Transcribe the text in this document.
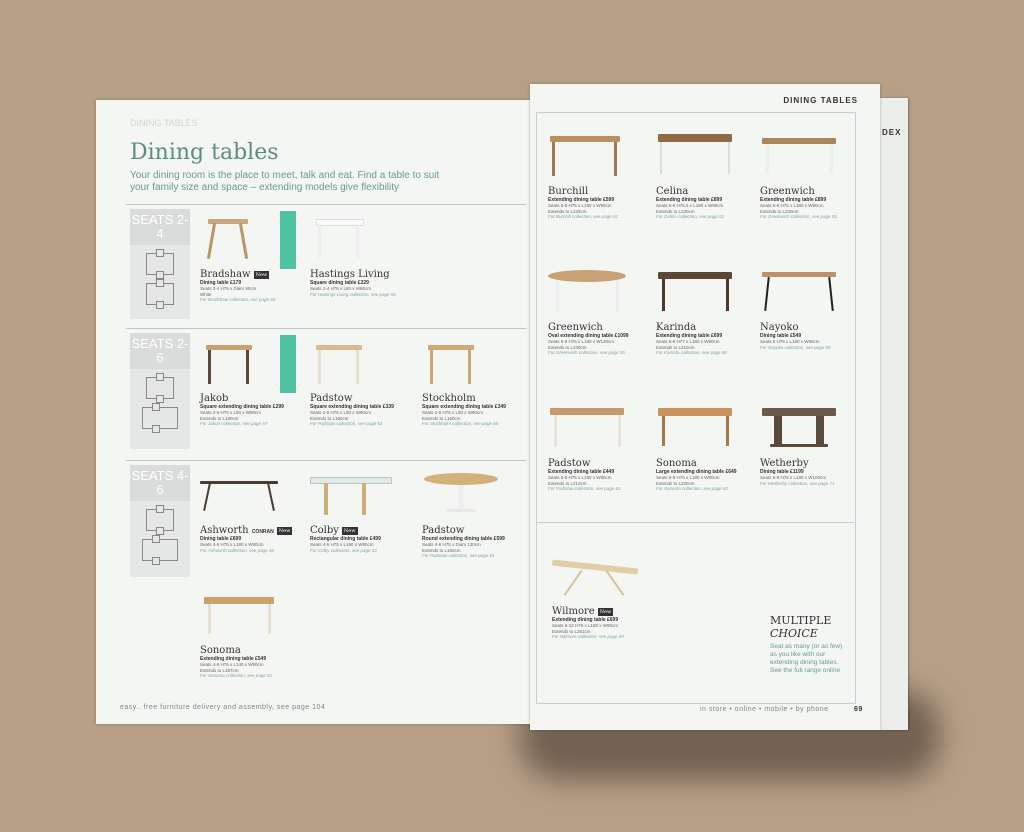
DINING TABLES
Dining tables
Your dining room is the place to meet, talk and eat. Find a table to suit your family size and space – extending models give flexibility
SEATS 2-4
Bradshaw New
Dining table £179
Seats 2-4 H76 x Diam 90cm
White
For Bradshaw collection, see page 50
Hastings Living
Square dining table £229
Seats 2-4 H76 x L80 x W80cm
For Hastings Living collection, see page 56
SEATS 2-6
Jakob
Square extending dining table £299
Seats 2-6 H76 x L90 x W90cm
Extends to L180cm
For Jakob collection, see page 57
Padstow
Square extending dining table £339
Seats 2-6 H75 x L90 x W90cm
Extends to L160cm
For Padstow collection, see page 61
Stockholm
Square extending dining table £349
Seats 2-6 H75 x L90 x W90cm
Extends to L160cm
For Stockholm collection, see page 65
SEATS 4-6
Ashworth CONRAN New
Dining table £699
Seats 4-6 H75 x L180 x W90cm
For Ashworth collection, see page 36
Colby New
Rectangular dining table £499
Seats 4-6 H75 x L190 x W90cm
For Colby collection, see page 53
Padstow
Round extending dining table £599
Seats 4-6 H75 x Diam 130cm
Extends to L160cm
For Padstow collection, see page 61
Sonoma
Extending dining table £549
Seats 4-6 H75 x L140 x W90cm
Extends to L187cm
For Sonoma collection, see page 62
easy.. free furniture delivery and assembly, see page 104
DEX
DINING TABLES
Burchill
Extending dining table £599
Seats 6-8 H75 x L160 x W90cm
Extends to L233cm
For Burchill collection, see page 51
Celina
Extending dining table £899
Seats 6-8 H76.5 x L180 x W90cm
Extends to L230cm
For Celina collection, see page 52
Greenwich
Extending dining table £899
Seats 6-8 H76 x L180 x W90cm
Extends to L230cm
For Greenwich collection, see page 55
Greenwich
Oval extending dining table £1099
Seats 6-8 H76 x L180 x W120cm
Extends to L230cm
For Greenwich collection, see page 55
Karinda
Extending dining table £699
Seats 6-8 H77 x L180 x W90cm
Extends to L210cm
For Karinda collection, see page 58
Nayoko
Dining table £549
Seats 6 H76 x L180 x W90cm
For Nayoko collection, see page 59
Padstow
Extending dining table £449
Seats 6-8 H75 x L160 x W90cm
Extends to L212cm
For Padstow collection, see page 61
Sonoma
Large extending dining table £649
Seats 6-8 H75 x L180 x W90cm
Extends to L230cm
For Sonoma collection, see page 62
Wetherby
Dining table £1199
Seats 6-8 H76 x L190 x W100cm
For Wetherby collection, see page 71
Wilmore New
Extending dining table £699
Seats 6-12 H76 x L180 x W90cm
Extends to L261cm
For Wilmore collection, see page 69
MULTIPLE
CHOICE
Seat as many (or as few) as you like with our extending dining tables. See the full range online
in store • online • mobile • by phone	69
